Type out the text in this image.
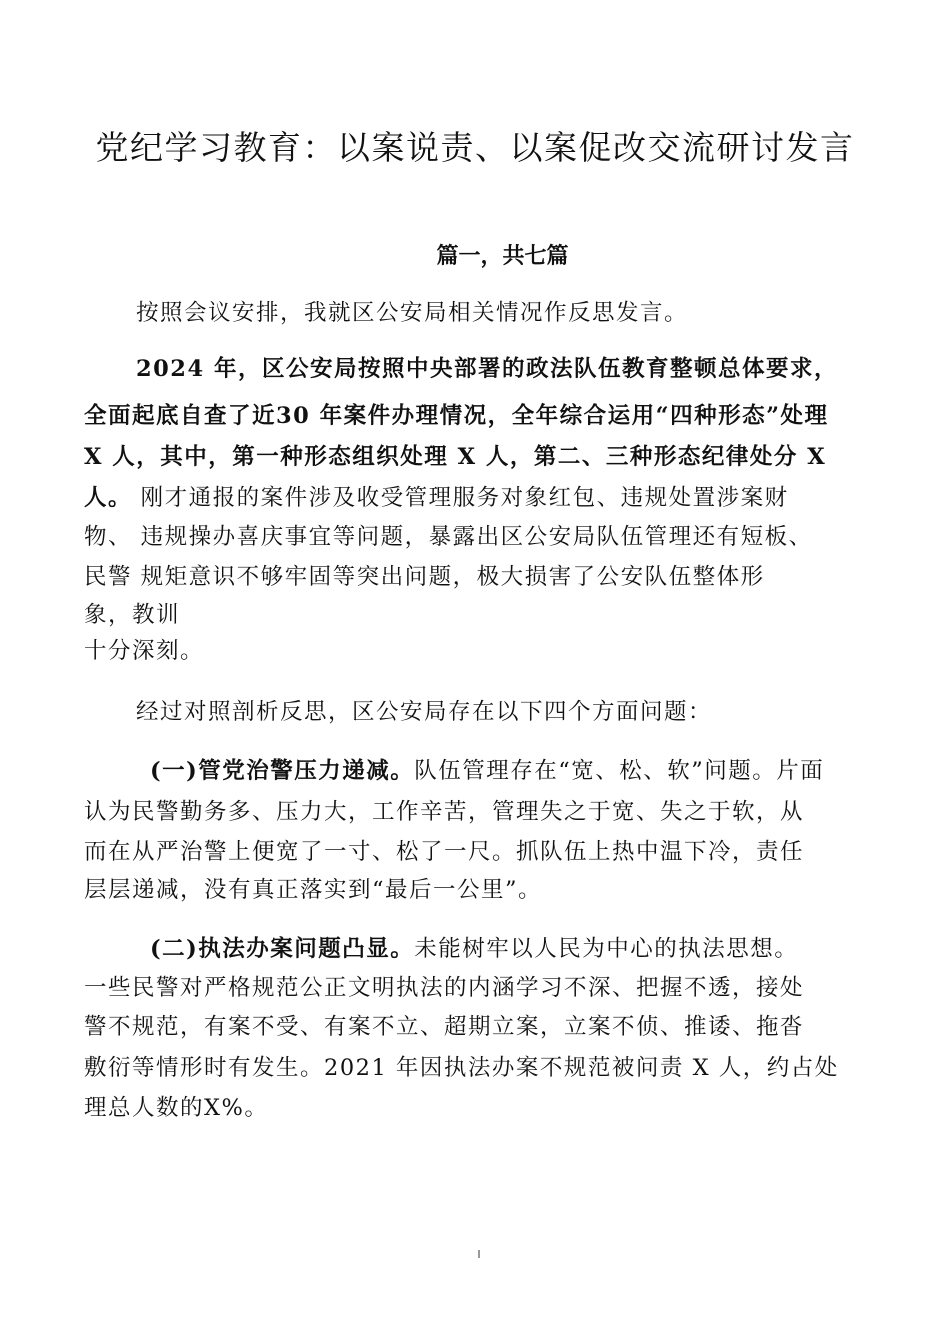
党纪学习教育：以案说责、以案促改交流研讨发言
篇一，共七篇
按照会议安排，我就区公安局相关情况作反思发言。
2024 年，区公安局按照中央部署的政法队伍教育整顿总体要求，
全面起底自查了近30 年案件办理情况，全年综合运用“四种形态”处理
X 人，其中，第一种形态组织处理 X 人，第二、三种形态纪律处分 X
人。 刚才通报的案件涉及收受管理服务对象红包、违规处置涉案财
物、 违规操办喜庆事宜等问题，暴露出区公安局队伍管理还有短板、
民警 规矩意识不够牢固等突出问题，极大损害了公安队伍整体形
象，教训
十分深刻。
经过对照剖析反思，区公安局存在以下四个方面问题：
(一)管党治警压力递减。队伍管理存在“宽、松、软”问题。片面
认为民警勤务多、压力大，工作辛苦，管理失之于宽、失之于软，从
而在从严治警上便宽了一寸、松了一尺。抓队伍上热中温下冷，责任
层层递减，没有真正落实到“最后一公里”。
(二)执法办案问题凸显。未能树牢以人民为中心的执法思想。
一些民警对严格规范公正文明执法的内涵学习不深、把握不透，接处
警不规范，有案不受、有案不立、超期立案，立案不侦、推诿、拖沓
敷衍等情形时有发生。2021 年因执法办案不规范被问责 X 人，约占处
理总人数的X%。
